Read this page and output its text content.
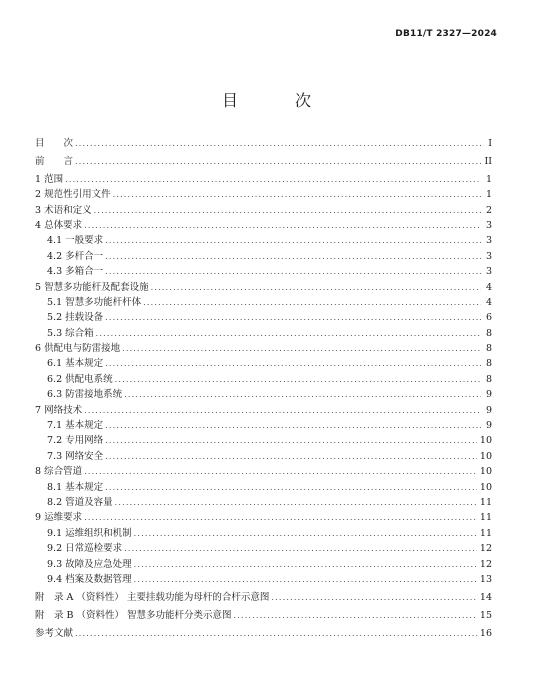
DB11/T 2327—2024
目 次
目　　次 .....	I
前　　言 .....	II
1 范围 .....	1
2 规范性引用文件 .....	1
3 术语和定义 .....	2
4 总体要求 .....	3
4.1 一般要求 .....	3
4.2 多杆合一 .....	3
4.3 多箱合一 .....	3
5 智慧多功能杆及配套设施 .....	4
5.1 智慧多功能杆杆体 .....	4
5.2 挂载设备 .....	6
5.3 综合箱 .....	8
6 供配电与防雷接地 .....	8
6.1 基本规定 .....	8
6.2 供配电系统 .....	8
6.3 防雷接地系统 .....	9
7 网络技术 .....	9
7.1 基本规定 .....	9
7.2 专用网络 .....	10
7.3 网络安全 .....	10
8 综合管道 .....	10
8.1 基本规定 .....	10
8.2 管道及容量 .....	11
9 运维要求 .....	11
9.1 运维组织和机制 .....	11
9.2 日常巡检要求 .....	12
9.3 故障及应急处理 .....	12
9.4 档案及数据管理 .....	13
附　录 A （资料性） 主要挂载功能为母杆的合杆示意图 .....	14
附　录 B （资料性） 智慧多功能杆分类示意图 .....	15
参考文献 .....	16
